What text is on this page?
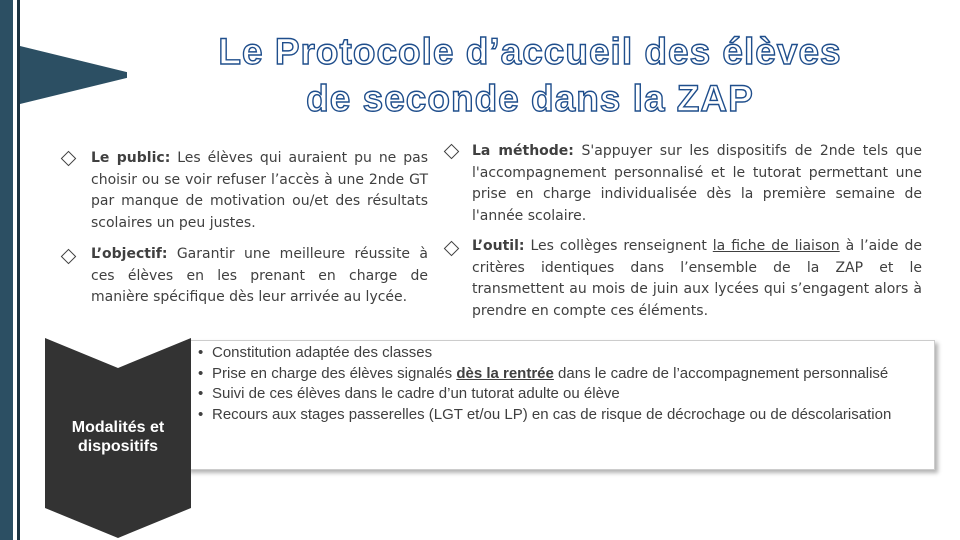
Le Protocole d’accueil des élèves
de seconde dans la ZAP
Le public: Les élèves qui auraient pu ne pas choisir ou se voir refuser l’accès à une 2nde GT par manque de motivation ou/et des résultats scolaires un peu justes.
L’objectif: Garantir une meilleure réussite à ces élèves en les prenant en charge de manière spécifique dès leur arrivée au lycée.
La méthode: S'appuyer sur les dispositifs de 2nde tels que l'accompagnement personnalisé et le tutorat permettant une prise en charge individualisée dès la première semaine de l'année scolaire.
L’outil: Les collèges renseignent la fiche de liaison à l’aide de critères identiques dans l’ensemble de la ZAP et le transmettent au mois de juin aux lycées qui s’engagent alors à prendre en compte ces éléments.
Modalités et dispositifs
• Constitution adaptée des classes
• Prise en charge des élèves signalés dès la rentrée dans le cadre de l’accompagnement personnalisé
• Suivi de ces élèves dans le cadre d’un tutorat adulte ou élève
• Recours aux stages passerelles (LGT et/ou LP) en cas de risque de décrochage ou de déscolarisation
